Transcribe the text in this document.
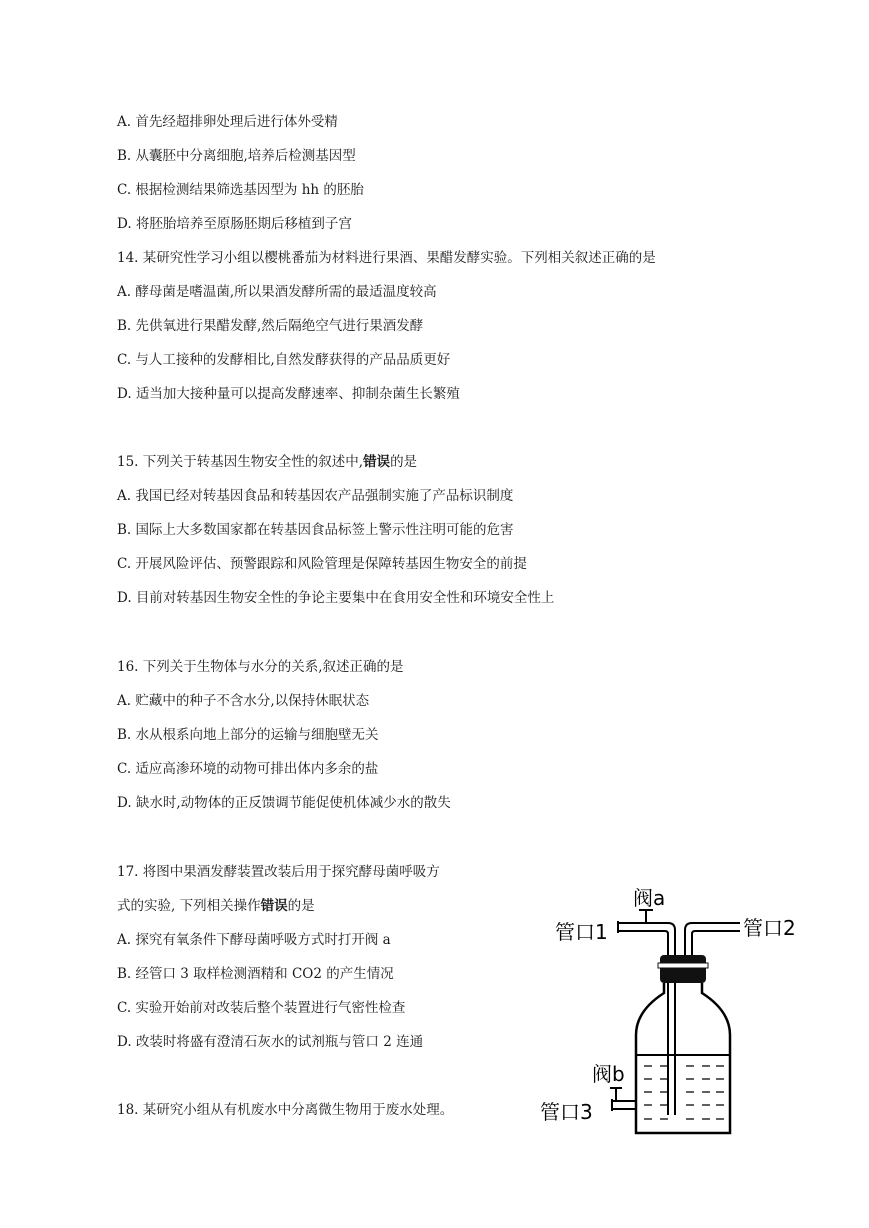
A. 首先经超排卵处理后进行体外受精
B. 从囊胚中分离细胞,培养后检测基因型
C. 根据检测结果筛选基因型为 hh 的胚胎
D. 将胚胎培养至原肠胚期后移植到子宫
14. 某研究性学习小组以樱桃番茄为材料进行果酒、果醋发酵实验。下列相关叙述正确的是
A. 酵母菌是嗜温菌,所以果酒发酵所需的最适温度较高
B. 先供氧进行果醋发酵,然后隔绝空气进行果酒发酵
C. 与人工接种的发酵相比,自然发酵获得的产品品质更好
D. 适当加大接种量可以提高发酵速率、抑制杂菌生长繁殖
15. 下列关于转基因生物安全性的叙述中,错误的是
A. 我国已经对转基因食品和转基因农产品强制实施了产品标识制度
B. 国际上大多数国家都在转基因食品标签上警示性注明可能的危害
C. 开展风险评估、预警跟踪和风险管理是保障转基因生物安全的前提
D. 目前对转基因生物安全性的争论主要集中在食用安全性和环境安全性上
16. 下列关于生物体与水分的关系,叙述正确的是
A. 贮藏中的种子不含水分,以保持休眠状态
B. 水从根系向地上部分的运输与细胞壁无关
C. 适应高渗环境的动物可排出体内多余的盐
D. 缺水时,动物体的正反馈调节能促使机体减少水的散失
17. 将图中果酒发酵装置改装后用于探究酵母菌呼吸方
式的实验, 下列相关操作错误的是
A. 探究有氧条件下酵母菌呼吸方式时打开阀 a
B. 经管口 3 取样检测酒精和 CO2 的产生情况
C. 实验开始前对改装后整个装置进行气密性检查
D. 改装时将盛有澄清石灰水的试剂瓶与管口 2 连通
18. 某研究小组从有机废水中分离微生物用于废水处理。
阀a
管口1	管口2
阀b
管口3
